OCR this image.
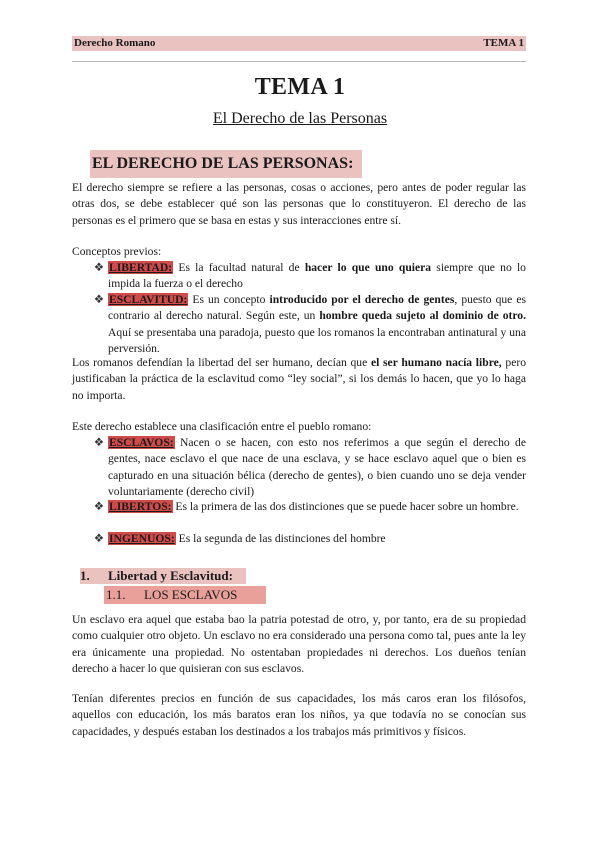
Derecho Romano	TEMA 1
TEMA 1
El Derecho de las Personas
EL DERECHO DE LAS PERSONAS:
El derecho siempre se refiere a las personas, cosas o acciones, pero antes de poder regular las otras dos, se debe establecer qué son las personas que lo constituyeron. El derecho de las personas es el primero que se basa en estas y sus interacciones entre sí.
Conceptos previos:
❖ LIBERTAD: Es la facultad natural de hacer lo que uno quiera siempre que no lo impida la fuerza o el derecho
❖ ESCLAVITUD: Es un concepto introducido por el derecho de gentes, puesto que es contrario al derecho natural. Según este, un hombre queda sujeto al dominio de otro. Aquí se presentaba una paradoja, puesto que los romanos la encontraban antinatural y una perversión.
Los romanos defendían la libertad del ser humano, decían que el ser humano nacía libre, pero justificaban la práctica de la esclavitud como “ley social”, si los demás lo hacen, que yo lo haga no importa.
Este derecho establece una clasificación entre el pueblo romano:
❖ ESCLAVOS: Nacen o se hacen, con esto nos referimos a que según el derecho de gentes, nace esclavo el que nace de una esclava, y se hace esclavo aquel que o bien es capturado en una situación bélica (derecho de gentes), o bien cuando uno se deja vender voluntariamente (derecho civil)
❖ LIBERTOS: Es la primera de las dos distinciones que se puede hacer sobre un hombre.
❖ INGENUOS: Es la segunda de las distinciones del hombre
1. Libertad y Esclavitud:
1.1. LOS ESCLAVOS
Un esclavo era aquel que estaba bao la patria potestad de otro, y, por tanto, era de su propiedad como cualquier otro objeto. Un esclavo no era considerado una persona como tal, pues ante la ley era únicamente una propiedad. No ostentaban propiedades ni derechos. Los dueños tenían derecho a hacer lo que quisieran con sus esclavos.
Tenían diferentes precios en función de sus capacidades, los más caros eran los filósofos, aquellos con educación, los más baratos eran los niños, ya que todavía no se conocían sus capacidades, y después estaban los destinados a los trabajos más primitivos y físicos.
